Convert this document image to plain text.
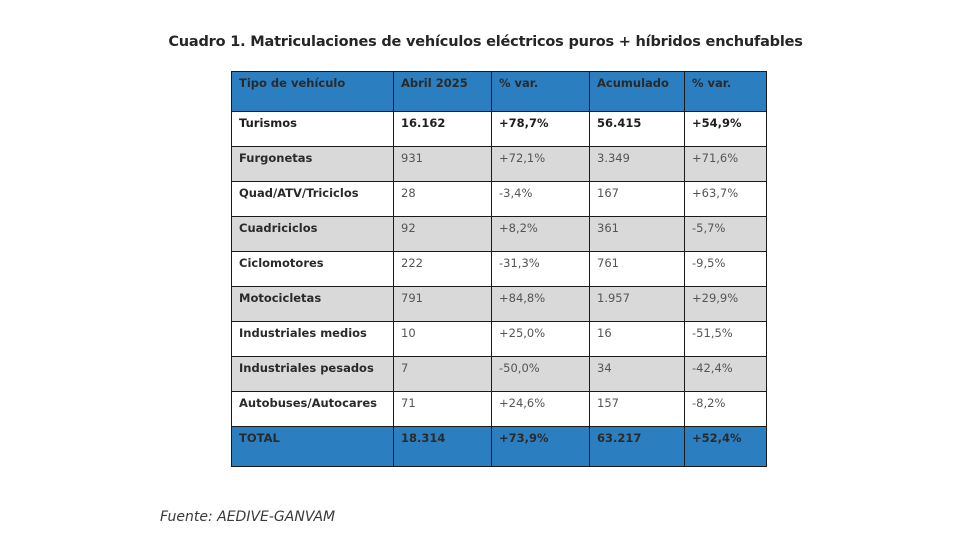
Cuadro 1. Matriculaciones de vehículos eléctricos puros + híbridos enchufables
Tipo de vehículo	Abril 2025	% var.	Acumulado	% var.
Turismos	16.162	+78,7%	56.415	+54,9%
Furgonetas	931	+72,1%	3.349	+71,6%
Quad/ATV/Triciclos	28	-3,4%	167	+63,7%
Cuadriciclos	92	+8,2%	361	-5,7%
Ciclomotores	222	-31,3%	761	-9,5%
Motocicletas	791	+84,8%	1.957	+29,9%
Industriales medios	10	+25,0%	16	-51,5%
Industriales pesados	7	-50,0%	34	-42,4%
Autobuses/Autocares	71	+24,6%	157	-8,2%
TOTAL	18.314	+73,9%	63.217	+52,4%
Fuente: AEDIVE-GANVAM
